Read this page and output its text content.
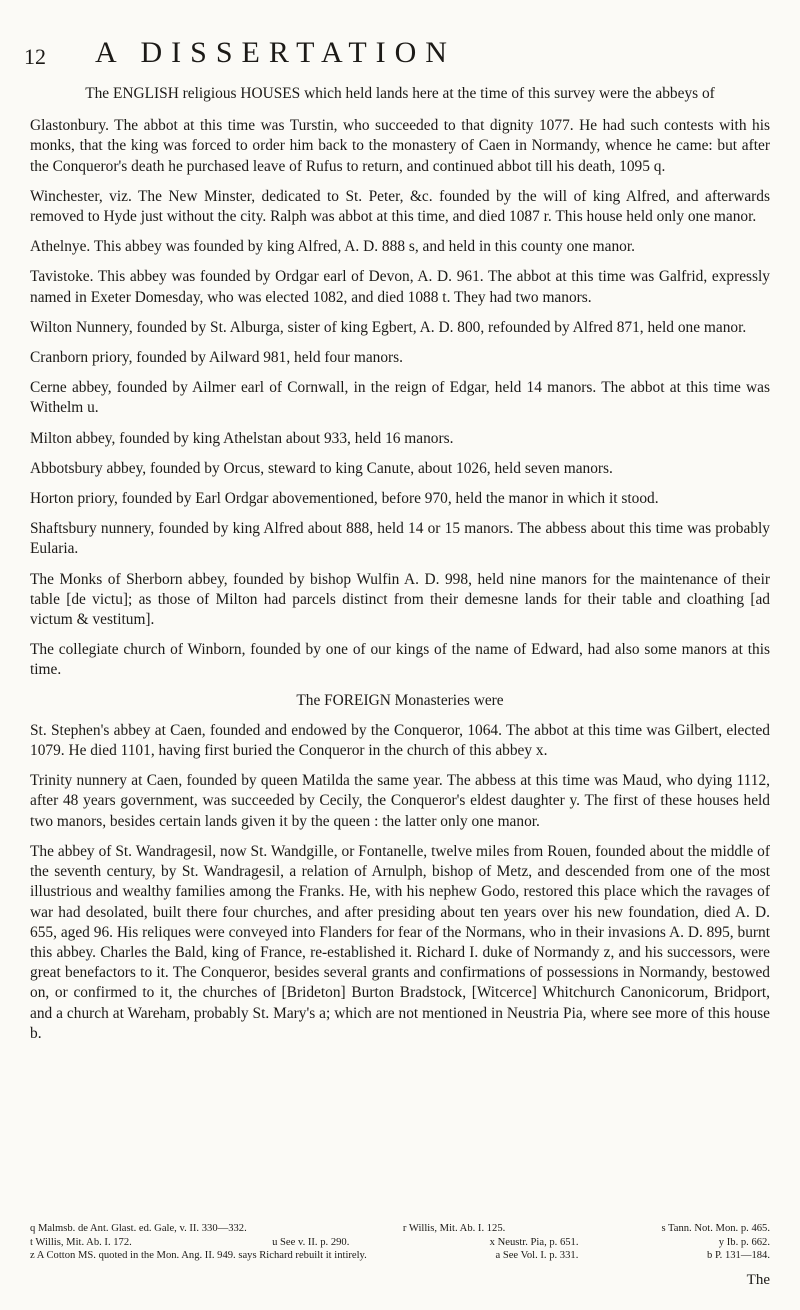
12 A DISSERTATION

The ENGLISH religious HOUSES which held lands here at the time of this survey were the abbeys of

Glastonbury. The abbot at this time was Turstin, who succeeded to that dignity 1077. He had such contests with his monks, that the king was forced to order him back to the monastery of Caen in Normandy, whence he came: but after the Conqueror's death he purchased leave of Rufus to return, and continued abbot till his death, 1095 q.

Winchester, viz. The New Minster, dedicated to St. Peter, &c. founded by the will of king Alfred, and afterwards removed to Hyde just without the city. Ralph was abbot at this time, and died 1087 r. This house held only one manor.

Athelnye. This abbey was founded by king Alfred, A. D. 888 s, and held in this county one manor.

Tavistoke. This abbey was founded by Ordgar earl of Devon, A. D. 961. The abbot at this time was Galfrid, expressly named in Exeter Domesday, who was elected 1082, and died 1088 t. They had two manors.

Wilton Nunnery, founded by St. Alburga, sister of king Egbert, A. D. 800, refounded by Alfred 871, held one manor.

Cranborn priory, founded by Ailward 981, held four manors.

Cerne abbey, founded by Ailmer earl of Cornwall, in the reign of Edgar, held 14 manors. The abbot at this time was Withelm u.

Milton abbey, founded by king Athelstan about 933, held 16 manors.

Abbotsbury abbey, founded by Orcus, steward to king Canute, about 1026, held seven manors.

Horton priory, founded by Earl Ordgar abovementioned, before 970, held the manor in which it stood.

Shaftsbury nunnery, founded by king Alfred about 888, held 14 or 15 manors. The abbess about this time was probably Eularia.

The Monks of Sherborn abbey, founded by bishop Wulfin A. D. 998, held nine manors for the maintenance of their table [de victu]; as those of Milton had parcels distinct from their demesne lands for their table and cloathing [ad victum & vestitum].

The collegiate church of Winborn, founded by one of our kings of the name of Edward, had also some manors at this time.

The FOREIGN Monasteries were

St. Stephen's abbey at Caen, founded and endowed by the Conqueror, 1064. The abbot at this time was Gilbert, elected 1079. He died 1101, having first buried the Conqueror in the church of this abbey x.

Trinity nunnery at Caen, founded by queen Matilda the same year. The abbess at this time was Maud, who dying 1112, after 48 years government, was succeeded by Cecily, the Conqueror's eldest daughter y. The first of these houses held two manors, besides certain lands given it by the queen : the latter only one manor.

The abbey of St. Wandragesil, now St. Wandgille, or Fontanelle, twelve miles from Rouen, founded about the middle of the seventh century, by St. Wandragesil, a relation of Arnulph, bishop of Metz, and descended from one of the most illustrious and wealthy families among the Franks. He, with his nephew Godo, restored this place which the ravages of war had desolated, built there four churches, and after presiding about ten years over his new foundation, died A. D. 655, aged 96. His reliques were conveyed into Flanders for fear of the Normans, who in their invasions A. D. 895, burnt this abbey. Charles the Bald, king of France, re-established it. Richard I. duke of Normandy z, and his successors, were great benefactors to it. The Conqueror, besides several grants and confirmations of possessions in Normandy, bestowed on, or confirmed to it, the churches of [Brideton] Burton Bradstock, [Witcerce] Whitchurch Canonicorum, Bridport, and a church at Wareham, probably St. Mary's a; which are not mentioned in Neustria Pia, where see more of this house b.

q Malmsb. de Ant. Glast. ed. Gale, v. II. 330—332.	r Willis, Mit. Ab. I. 125.	s Tann. Not. Mon. p. 465.
t Willis, Mit. Ab. I. 172.	u See v. II. p. 290.	x Neustr. Pia, p. 651.	y Ib. p. 662.
z A Cotton MS. quoted in the Mon. Ang. II. 949. says Richard rebuilt it intirely.	a See Vol. I. p. 331.	b P. 131—184.
The
